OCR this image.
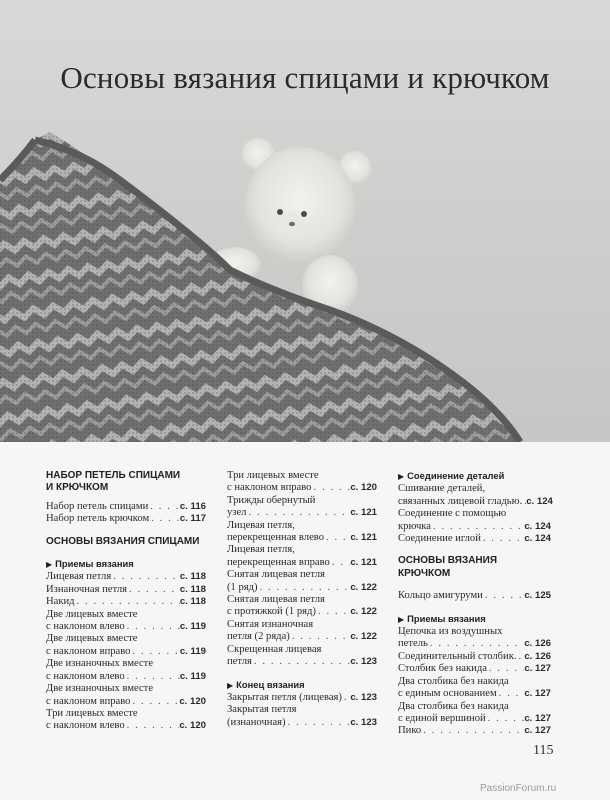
Основы вязания спицами и крючком
НАБОР ПЕТЕЛЬ СПИЦАМИ
И КРЮЧКОМ
Набор петель спицами . . .	с. 116
Набор петель крючком . . .	с. 117
ОСНОВЫ ВЯЗАНИЯ СПИЦАМИ
▶ Приемы вязания
Лицевая петля . . .	с. 118
Изнаночная петля . . .	с. 118
Накид . . .	с. 118
Две лицевых вместе
с наклоном влево . . .	с. 119
Две лицевых вместе
с наклоном вправо . . .	с. 119
Две изнаночных вместе
с наклоном влево . . .	с. 119
Две изнаночных вместе
с наклоном вправо . . .	с. 120
Три лицевых вместе
с наклоном влево . . .	с. 120
Три лицевых вместе
с наклоном вправо . . .	с. 120
Трижды обернутый
узел . . .	с. 121
Лицевая петля,
перекрещенная влево . . .	с. 121
Лицевая петля,
перекрещенная вправо . . . с. 121
Снятая лицевая петля
(1 ряд) . . .	с. 122
Снятая лицевая петля
с протяжкой (1 ряд) . . .	с. 122
Снятая изнаночная
петля (2 ряда) . . .	с. 122
Скрещенная лицевая
петля . . .	с. 123
▶ Конец вязания
Закрытая петля (лицевая) . . . с. 123
Закрытая петля
(изнаночная) . . .	с. 123
▶ Соединение деталей
Сшивание деталей,
связанных лицевой гладью. . . . с. 124
Соединение с помощью
крючка . . .	с. 124
Соединение иглой . . .	с. 124
ОСНОВЫ ВЯЗАНИЯ КРЮЧКОМ
Кольцо амигуруми . . .	с. 125
▶ Приемы вязания
Цепочка из воздушных
петель . . .	с. 126
Соединительный столбик. . . . с. 126
Столбик без накида . . .	с. 127
Два столбика без накида
с единым основанием . . .	с. 127
Два столбика без накида
с единой вершиной . . .	с. 127
Пико . . .	с. 127
115
PassionForum.ru
